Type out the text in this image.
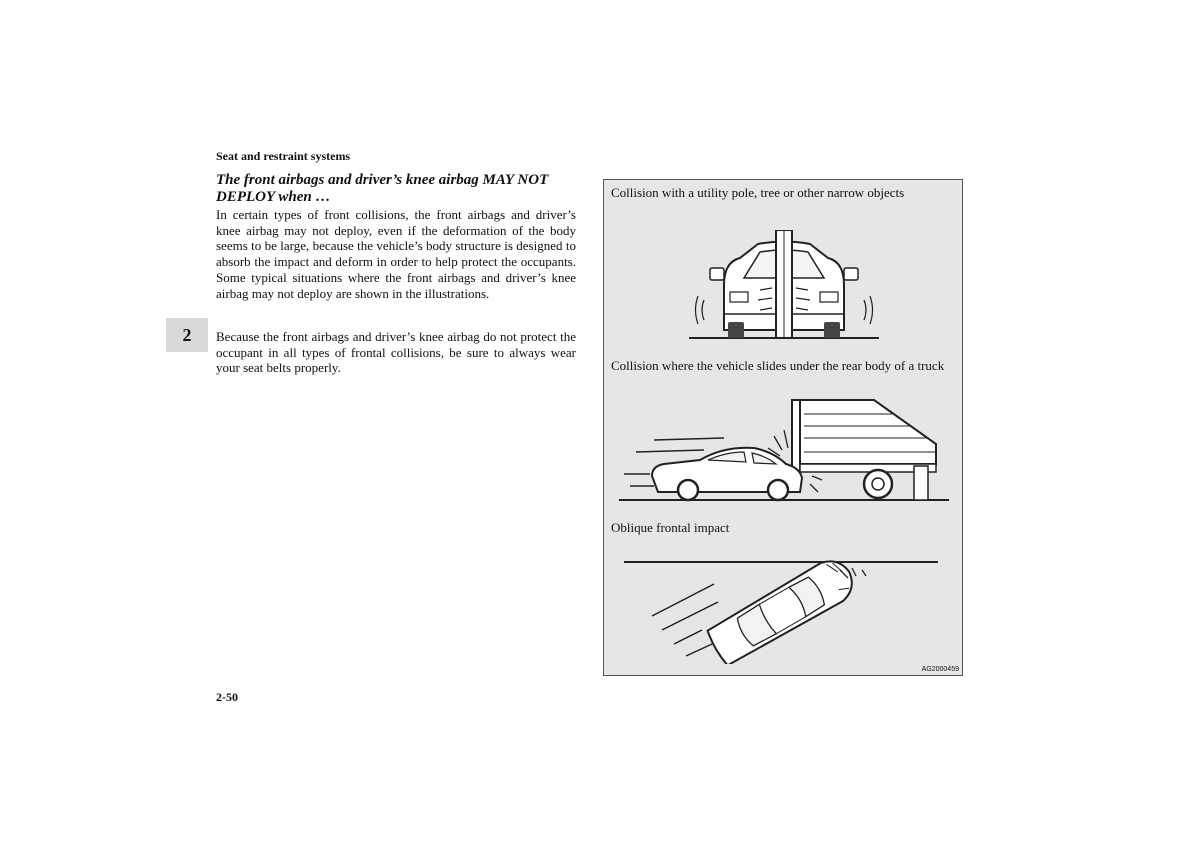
Seat and restraint systems
2
The front airbags and driver’s knee airbag MAY NOT DEPLOY when …

In certain types of front collisions, the front airbags and driver’s knee airbag may not deploy, even if the deformation of the body seems to be large, because the vehicle’s body structure is designed to absorb the impact and deform in order to help protect the occupants. Some typical situations where the front airbags and driver’s knee airbag may not deploy are shown in the illustrations.

Because the front airbags and driver’s knee airbag do not protect the occupant in all types of frontal collisions, be sure to always wear your seat belts properly.

2-50

Collision with a utility pole, tree or other narrow objects

Collision where the vehicle slides under the rear body of a truck

Oblique frontal impact

AG2000459
